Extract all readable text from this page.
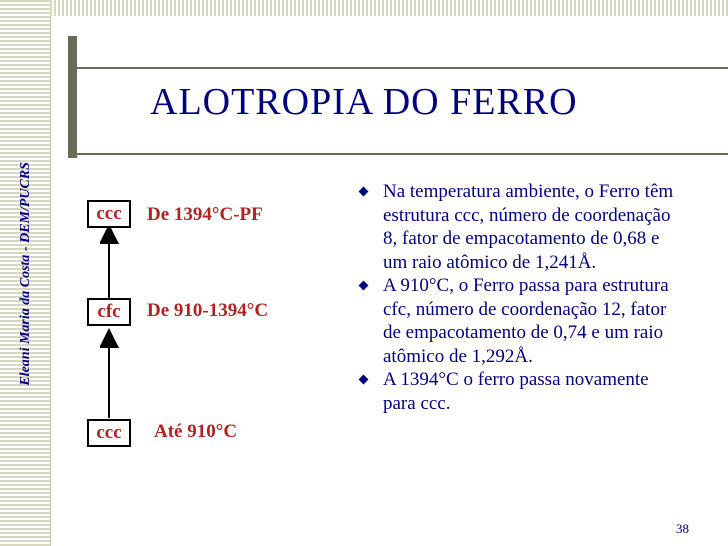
Eleani Maria da Costa - DEM/PUCRS
ALOTROPIA DO FERRO
ccc De 1394°C-PF
cfc De 910-1394°C
ccc Até 910°C
Na temperatura ambiente, o Ferro têm estrutura ccc, número de coordenação 8, fator de empacotamento de 0,68 e um raio atômico de 1,241Å.
A 910°C, o Ferro passa para estrutura cfc, número de coordenação 12, fator de empacotamento de 0,74 e um raio atômico de 1,292Å.
A 1394°C o ferro passa novamente para ccc.
38
